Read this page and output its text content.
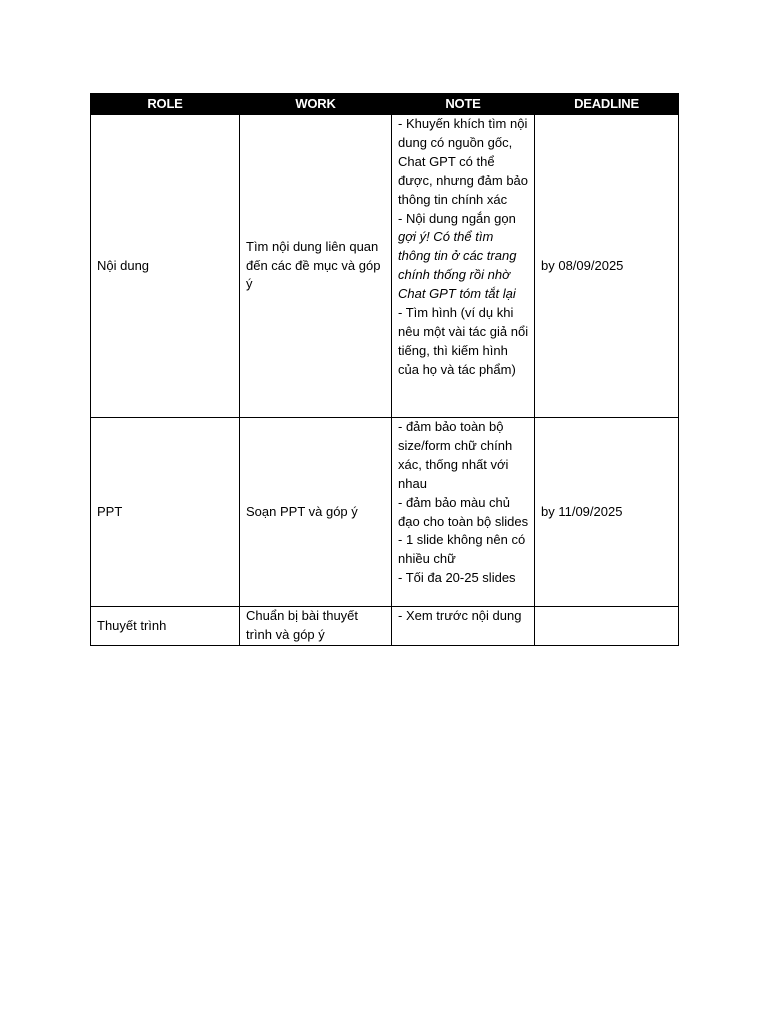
ROLE	WORK	NOTE	DEADLINE
Nội dung	Tìm nội dung liên quan đến các đề mục và góp ý	- Khuyến khích tìm nội dung có nguồn gốc, Chat GPT có thể được, nhưng đảm bảo thông tin chính xác
- Nội dung ngắn gọn gợi ý! Có thể tìm thông tin ở các trang chính thống rồi nhờ Chat GPT tóm tắt lại
- Tìm hình (ví dụ khi nêu một vài tác giả nổi tiếng, thì kiếm hình của họ và tác phẩm)	by 08/09/2025
PPT	Soạn PPT và góp ý	- đảm bảo toàn bộ size/form chữ chính xác, thống nhất với nhau
- đảm bảo màu chủ đạo cho toàn bộ slides
- 1 slide không nên có nhiều chữ
- Tối đa 20-25 slides	by 11/09/2025
Thuyết trình	Chuẩn bị bài thuyết trình và góp ý	- Xem trước nội dung	
